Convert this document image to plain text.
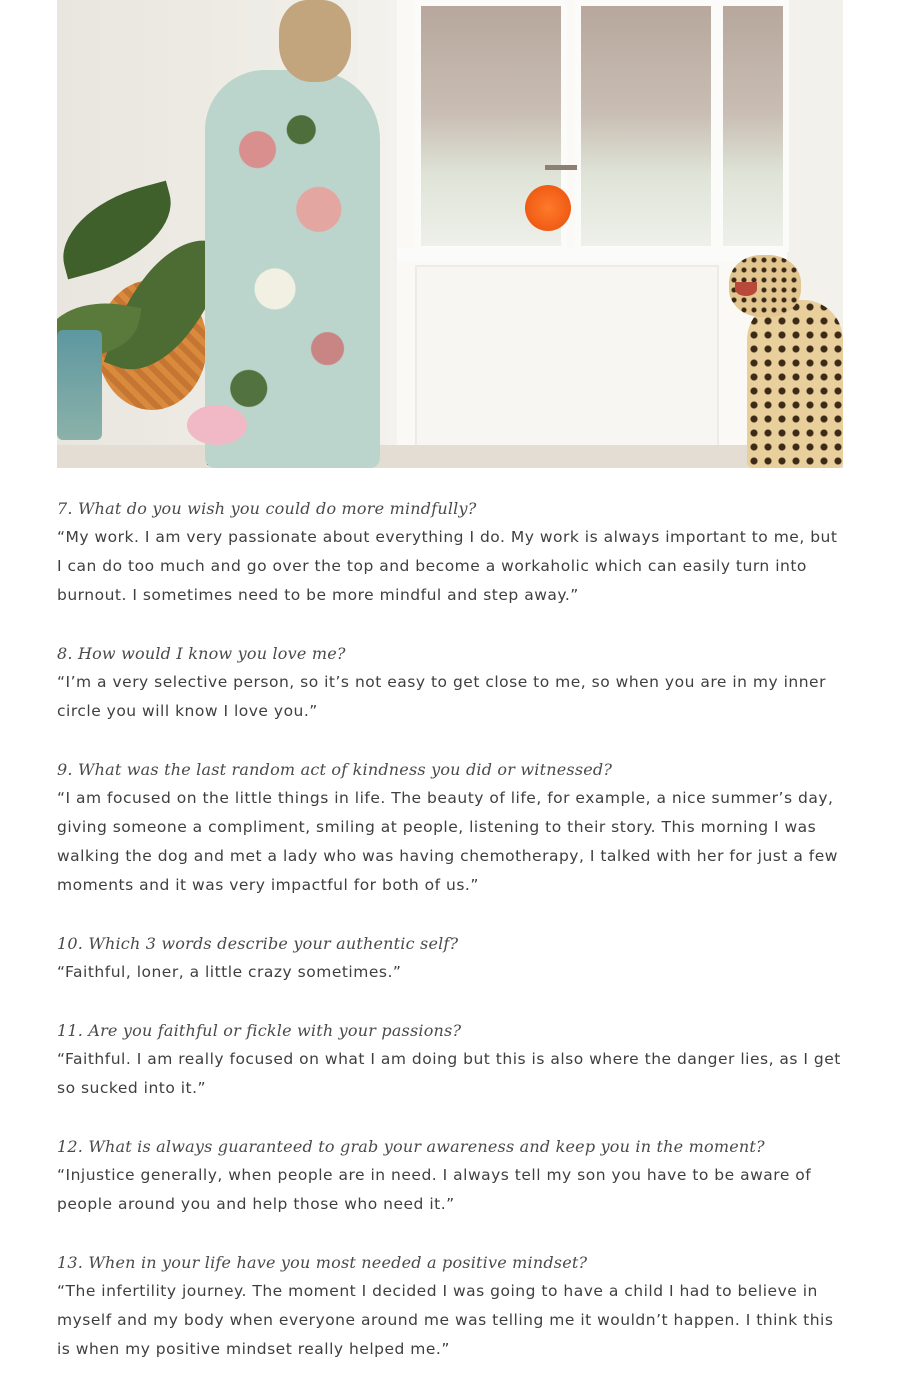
7. What do you wish you could do more mindfully?

“My work. I am very passionate about everything I do. My work is always important to me, but I can do too much and go over the top and become a workaholic which can easily turn into burnout. I sometimes need to be more mindful and step away.”

8. How would I know you love me?

“I’m a very selective person, so it’s not easy to get close to me, so when you are in my inner circle you will know I love you.”

9. What was the last random act of kindness you did or witnessed?

“I am focused on the little things in life. The beauty of life, for example, a nice summer’s day, giving someone a compliment, smiling at people, listening to their story. This morning I was walking the dog and met a lady who was having chemotherapy, I talked with her for just a few moments and it was very impactful for both of us.”

10. Which 3 words describe your authentic self?

“Faithful, loner, a little crazy sometimes.”

11. Are you faithful or fickle with your passions?

“Faithful. I am really focused on what I am doing but this is also where the danger lies, as I get so sucked into it.”

12. What is always guaranteed to grab your awareness and keep you in the moment?

“Injustice generally, when people are in need. I always tell my son you have to be aware of people around you and help those who need it.”

13. When in your life have you most needed a positive mindset?

“The infertility journey. The moment I decided I was going to have a child I had to believe in myself and my body when everyone around me was telling me it wouldn’t happen. I think this is when my positive mindset really helped me.”
